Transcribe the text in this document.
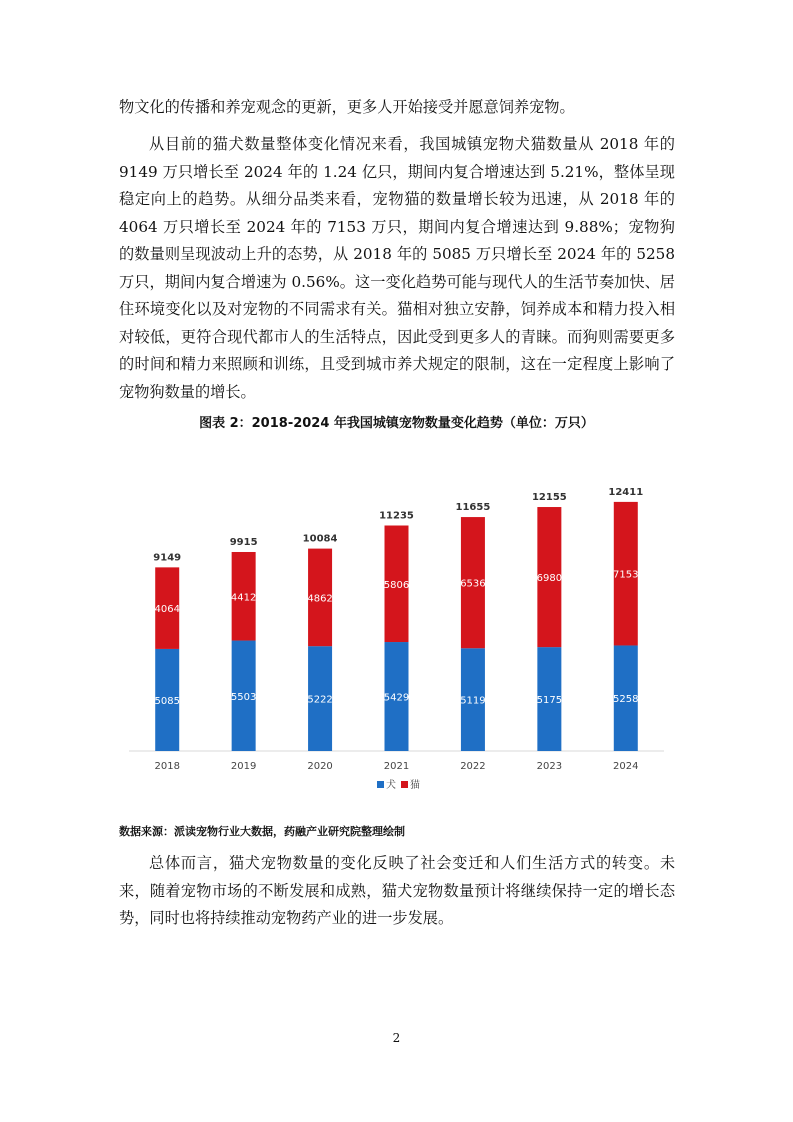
物文化的传播和养宠观念的更新，更多人开始接受并愿意饲养宠物。

从目前的猫犬数量整体变化情况来看，我国城镇宠物犬猫数量从 2018 年的 9149 万只增长至 2024 年的 1.24 亿只，期间内复合增速达到 5.21%，整体呈现稳定向上的趋势。从细分品类来看，宠物猫的数量增长较为迅速，从 2018 年的 4064 万只增长至 2024 年的 7153 万只，期间内复合增速达到 9.88%；宠物狗的数量则呈现波动上升的态势，从 2018 年的 5085 万只增长至 2024 年的 5258 万只，期间内复合增速为 0.56%。这一变化趋势可能与现代人的生活节奏加快、居住环境变化以及对宠物的不同需求有关。猫相对独立安静，饲养成本和精力投入相对较低，更符合现代都市人的生活特点，因此受到更多人的青睐。而狗则需要更多的时间和精力来照顾和训练，且受到城市养犬规定的限制，这在一定程度上影响了宠物狗数量的增长。

图表 2：2018-2024 年我国城镇宠物数量变化趋势（单位：万只）
5085
4064
9149
2018
5503
4412
9915
2019
5222
4862
10084
2020
5429
5806
11235
2021
5119
6536
11655
2022
5175
6980
12155
2023
5258
7153
12411
2024
犬 猫
数据来源：派读宠物行业大数据，药融产业研究院整理绘制

总体而言，猫犬宠物数量的变化反映了社会变迁和人们生活方式的转变。未来，随着宠物市场的不断发展和成熟，猫犬宠物数量预计将继续保持一定的增长态势，同时也将持续推动宠物药产业的进一步发展。

2
